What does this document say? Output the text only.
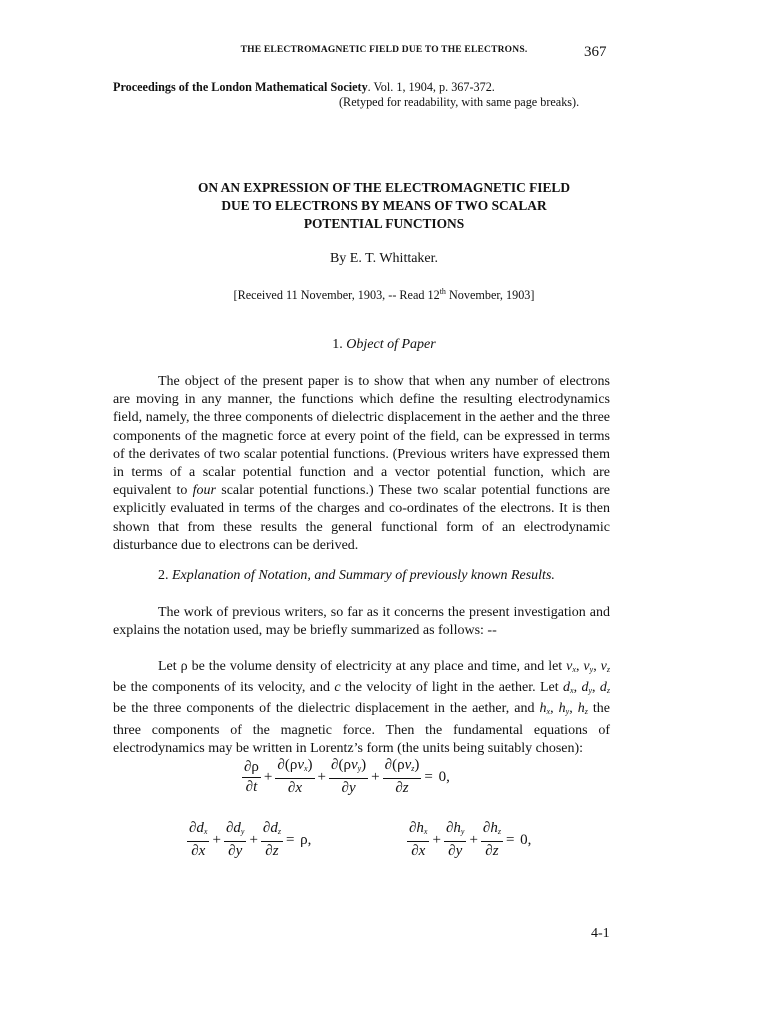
THE ELECTROMAGNETIC FIELD DUE TO THE ELECTRONS.	367
Proceedings of the London Mathematical Society. Vol. 1, 1904, p. 367-372.
(Retyped for readability, with same page breaks).
ON AN EXPRESSION OF THE ELECTROMAGNETIC FIELD
DUE TO ELECTRONS BY MEANS OF TWO SCALAR
POTENTIAL FUNCTIONS
By E. T. Whittaker.
[Received 11 November, 1903, -- Read 12th November, 1903]
1. Object of Paper
The object of the present paper is to show that when any number of electrons are moving in any manner, the functions which define the resulting electrodynamics field, namely, the three components of dielectric displacement in the aether and the three components of the magnetic force at every point of the field, can be expressed in terms of the derivates of two scalar potential functions. (Previous writers have expressed them in terms of a scalar potential function and a vector potential function, which are equivalent to four scalar potential functions.) These two scalar potential functions are explicitly evaluated in terms of the charges and co-ordinates of the electrons. It is then shown that from these results the general functional form of an electrodynamic disturbance due to electrons can be derived.
2. Explanation of Notation, and Summary of previously known Results.
The work of previous writers, so far as it concerns the present investigation and explains the notation used, may be briefly summarized as follows: --
Let ρ be the volume density of electricity at any place and time, and let $v_x$, $v_y$, $v_z$ be the components of its velocity, and c the velocity of light in the aether. Let $d_x$, $d_y$, $d_z$ be the three components of the dielectric displacement in the aether, and $h_x$, $h_y$, $h_z$ the three components of the magnetic force. Then the fundamental equations of electrodynamics may be written in Lorentz’s form (the units being suitably chosen):
$\frac{\partial\rho}{\partial t} + \frac{\partial(\rho v_x)}{\partial x} + \frac{\partial(\rho v_y)}{\partial y} + \frac{\partial(\rho v_z)}{\partial z} = 0$,
$\frac{\partial d_x}{\partial x} + \frac{\partial d_y}{\partial y} + \frac{\partial d_z}{\partial z} = \rho$,	$\frac{\partial h_x}{\partial x} + \frac{\partial h_y}{\partial y} + \frac{\partial h_z}{\partial z} = 0$,
4-1
